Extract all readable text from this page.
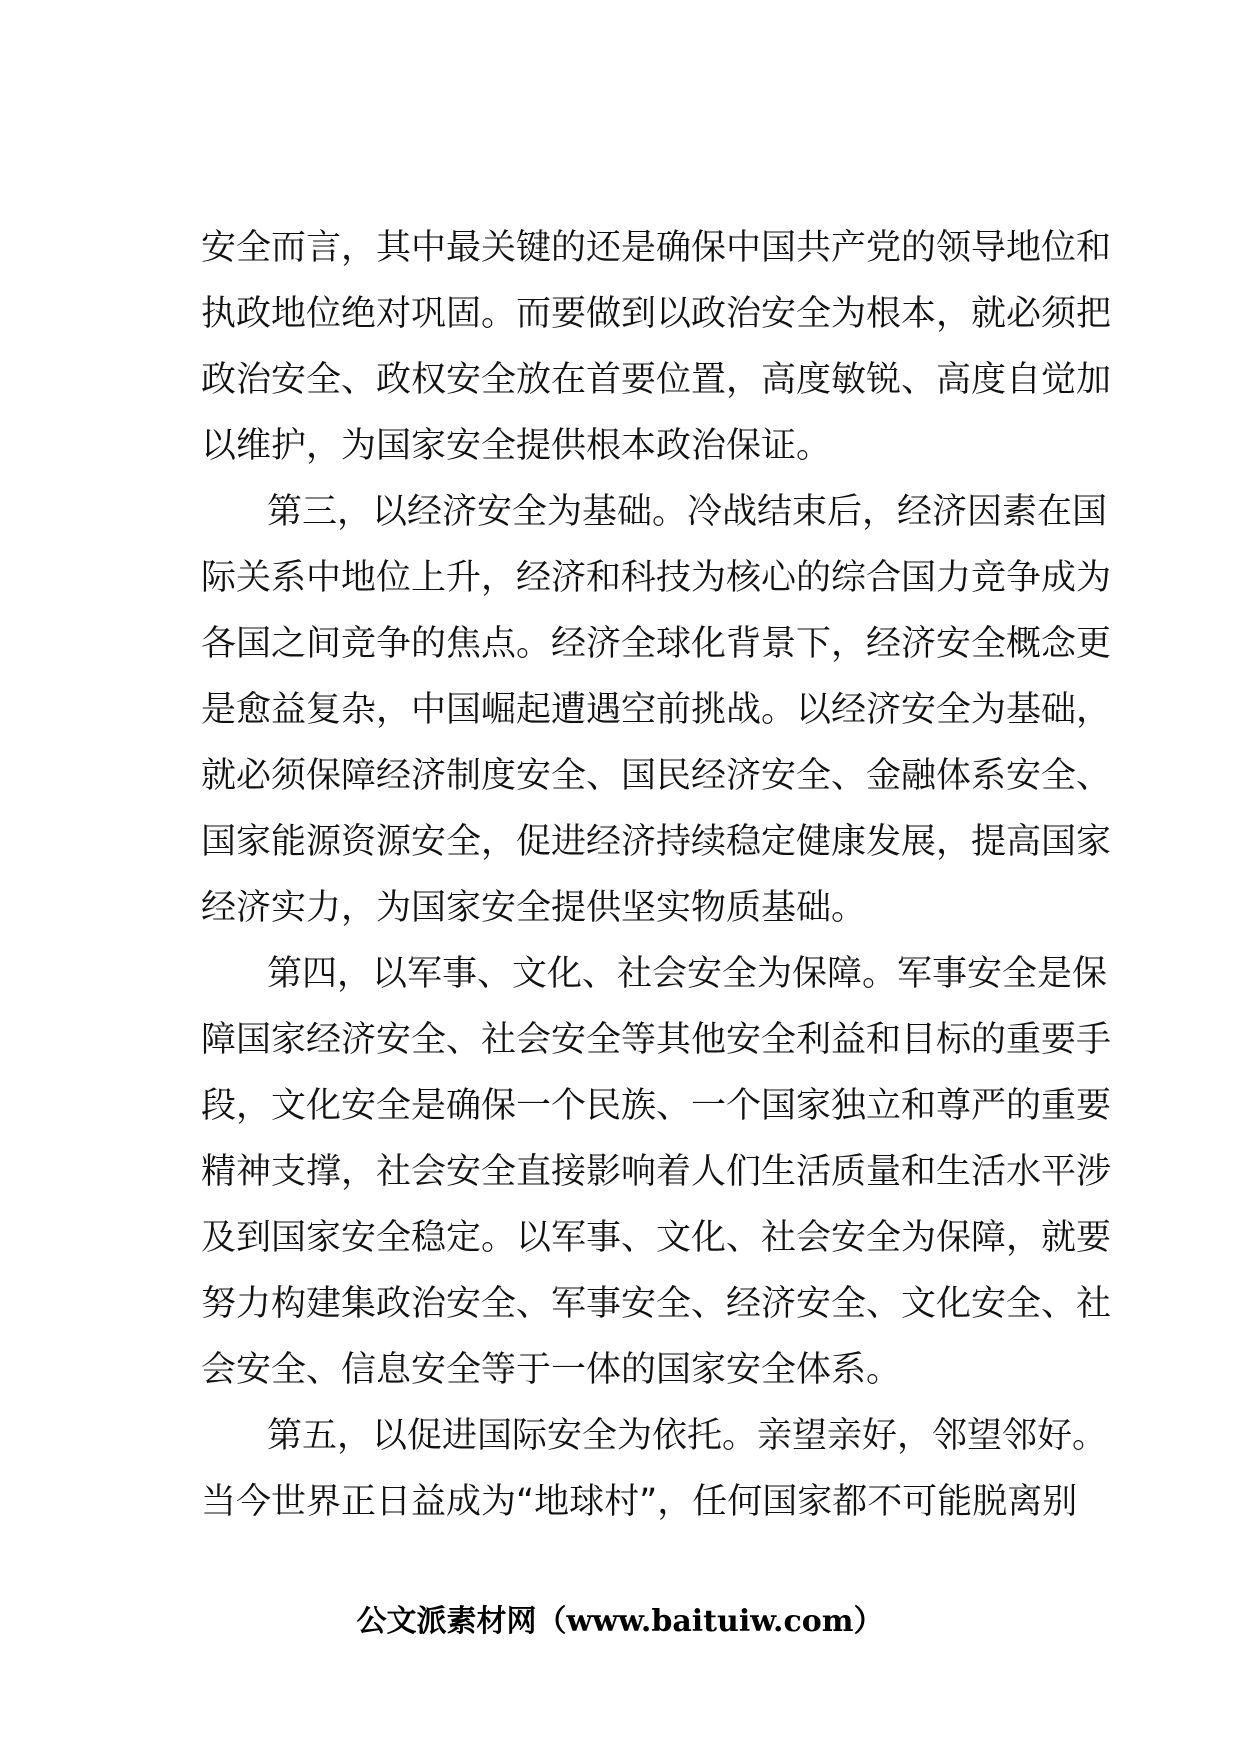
安全而言，其中最关键的还是确保中国共产党的领导地位和
执政地位绝对巩固。而要做到以政治安全为根本，就必须把
政治安全、政权安全放在首要位置，高度敏锐、高度自觉加
以维护，为国家安全提供根本政治保证。
第三，以经济安全为基础。冷战结束后，经济因素在国
际关系中地位上升，经济和科技为核心的综合国力竞争成为
各国之间竞争的焦点。经济全球化背景下，经济安全概念更
是愈益复杂，中国崛起遭遇空前挑战。以经济安全为基础，
就必须保障经济制度安全、国民经济安全、金融体系安全、
国家能源资源安全，促进经济持续稳定健康发展，提高国家
经济实力，为国家安全提供坚实物质基础。
第四，以军事、文化、社会安全为保障。军事安全是保
障国家经济安全、社会安全等其他安全利益和目标的重要手
段，文化安全是确保一个民族、一个国家独立和尊严的重要
精神支撑，社会安全直接影响着人们生活质量和生活水平涉
及到国家安全稳定。以军事、文化、社会安全为保障，就要
努力构建集政治安全、军事安全、经济安全、文化安全、社
会安全、信息安全等于一体的国家安全体系。
第五，以促进国际安全为依托。亲望亲好，邻望邻好。
当今世界正日益成为“地球村”，任何国家都不可能脱离别
公文派素材网（www.baituiw.com）
